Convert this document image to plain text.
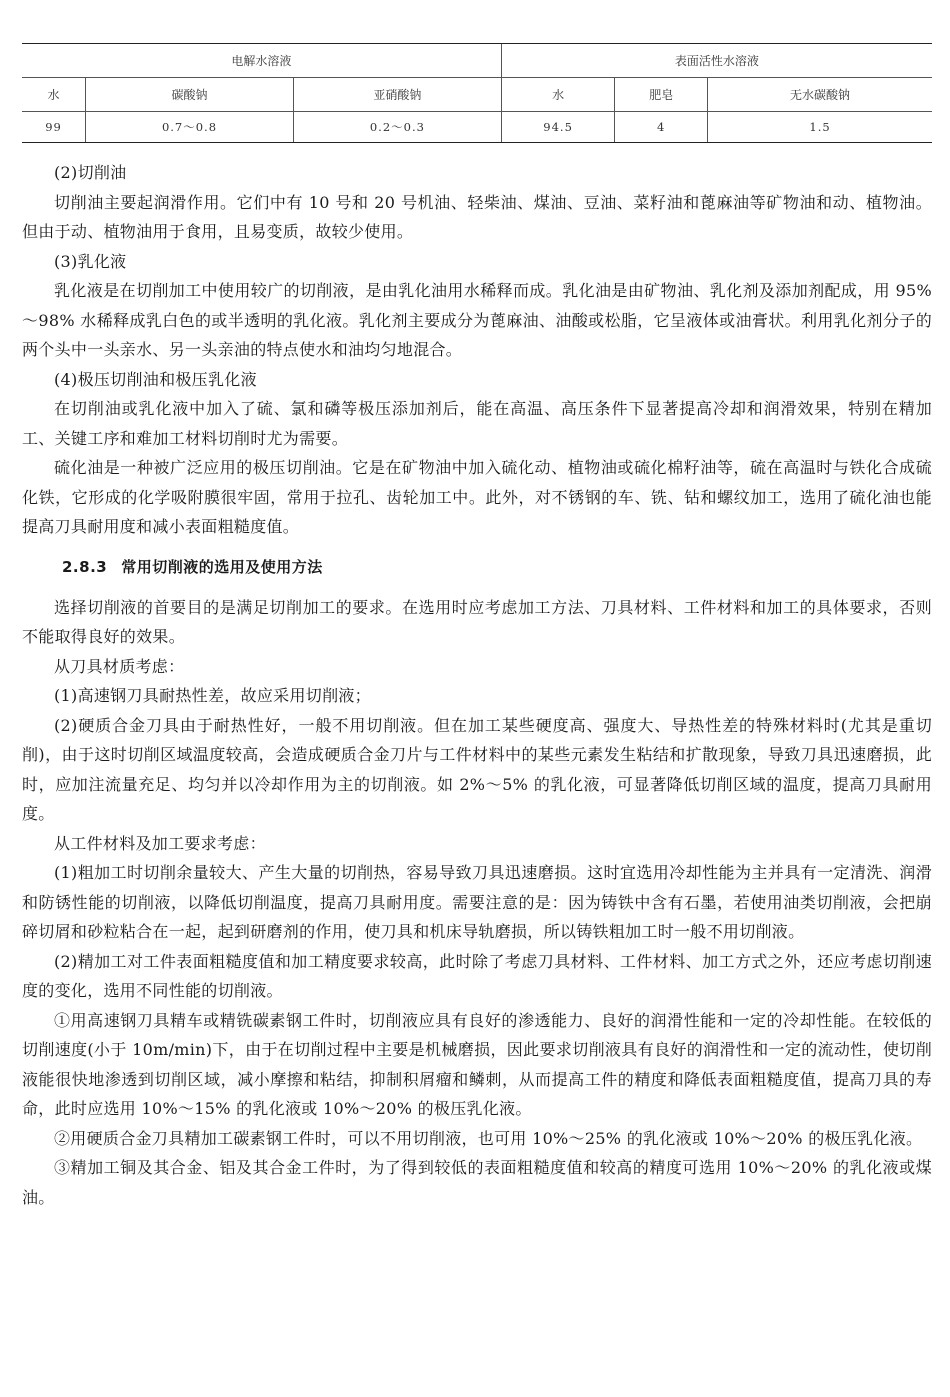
电解水溶液			表面活性水溶液		
水	碳酸钠	亚硝酸钠	水	肥皂	无水碳酸钠
99	0.7～0.8	0.2～0.3	94.5	4	1.5

(2)切削油

切削油主要起润滑作用。它们中有 10 号和 20 号机油、轻柴油、煤油、豆油、菜籽油和蓖麻油等矿物油和动、植物油。但由于动、植物油用于食用，且易变质，故较少使用。

(3)乳化液

乳化液是在切削加工中使用较广的切削液，是由乳化油用水稀释而成。乳化油是由矿物油、乳化剂及添加剂配成，用 95%～98% 水稀释成乳白色的或半透明的乳化液。乳化剂主要成分为蓖麻油、油酸或松脂，它呈液体或油膏状。利用乳化剂分子的两个头中一头亲水、另一头亲油的特点使水和油均匀地混合。

(4)极压切削油和极压乳化液

在切削油或乳化液中加入了硫、氯和磷等极压添加剂后，能在高温、高压条件下显著提高冷却和润滑效果，特别在精加工、关键工序和难加工材料切削时尤为需要。

硫化油是一种被广泛应用的极压切削油。它是在矿物油中加入硫化动、植物油或硫化棉籽油等，硫在高温时与铁化合成硫化铁，它形成的化学吸附膜很牢固，常用于拉孔、齿轮加工中。此外，对不锈钢的车、铣、钻和螺纹加工，选用了硫化油也能提高刀具耐用度和减小表面粗糙度值。

2.8.3 常用切削液的选用及使用方法

选择切削液的首要目的是满足切削加工的要求。在选用时应考虑加工方法、刀具材料、工件材料和加工的具体要求，否则不能取得良好的效果。

从刀具材质考虑：

(1)高速钢刀具耐热性差，故应采用切削液；

(2)硬质合金刀具由于耐热性好，一般不用切削液。但在加工某些硬度高、强度大、导热性差的特殊材料时(尤其是重切削)，由于这时切削区域温度较高，会造成硬质合金刀片与工件材料中的某些元素发生粘结和扩散现象，导致刀具迅速磨损，此时，应加注流量充足、均匀并以冷却作用为主的切削液。如 2%～5% 的乳化液，可显著降低切削区域的温度，提高刀具耐用度。

从工件材料及加工要求考虑：

(1)粗加工时切削余量较大、产生大量的切削热，容易导致刀具迅速磨损。这时宜选用冷却性能为主并具有一定清洗、润滑和防锈性能的切削液，以降低切削温度，提高刀具耐用度。需要注意的是：因为铸铁中含有石墨，若使用油类切削液，会把崩碎切屑和砂粒粘合在一起，起到研磨剂的作用，使刀具和机床导轨磨损，所以铸铁粗加工时一般不用切削液。

(2)精加工对工件表面粗糙度值和加工精度要求较高，此时除了考虑刀具材料、工件材料、加工方式之外，还应考虑切削速度的变化，选用不同性能的切削液。

①用高速钢刀具精车或精铣碳素钢工件时，切削液应具有良好的渗透能力、良好的润滑性能和一定的冷却性能。在较低的切削速度(小于 10m/min)下，由于在切削过程中主要是机械磨损，因此要求切削液具有良好的润滑性和一定的流动性，使切削液能很快地渗透到切削区域，减小摩擦和粘结，抑制积屑瘤和鳞刺，从而提高工件的精度和降低表面粗糙度值，提高刀具的寿命，此时应选用 10%～15% 的乳化液或 10%～20% 的极压乳化液。

②用硬质合金刀具精加工碳素钢工件时，可以不用切削液，也可用 10%～25% 的乳化液或 10%～20% 的极压乳化液。

③精加工铜及其合金、铝及其合金工件时，为了得到较低的表面粗糙度值和较高的精度可选用 10%～20% 的乳化液或煤油。
